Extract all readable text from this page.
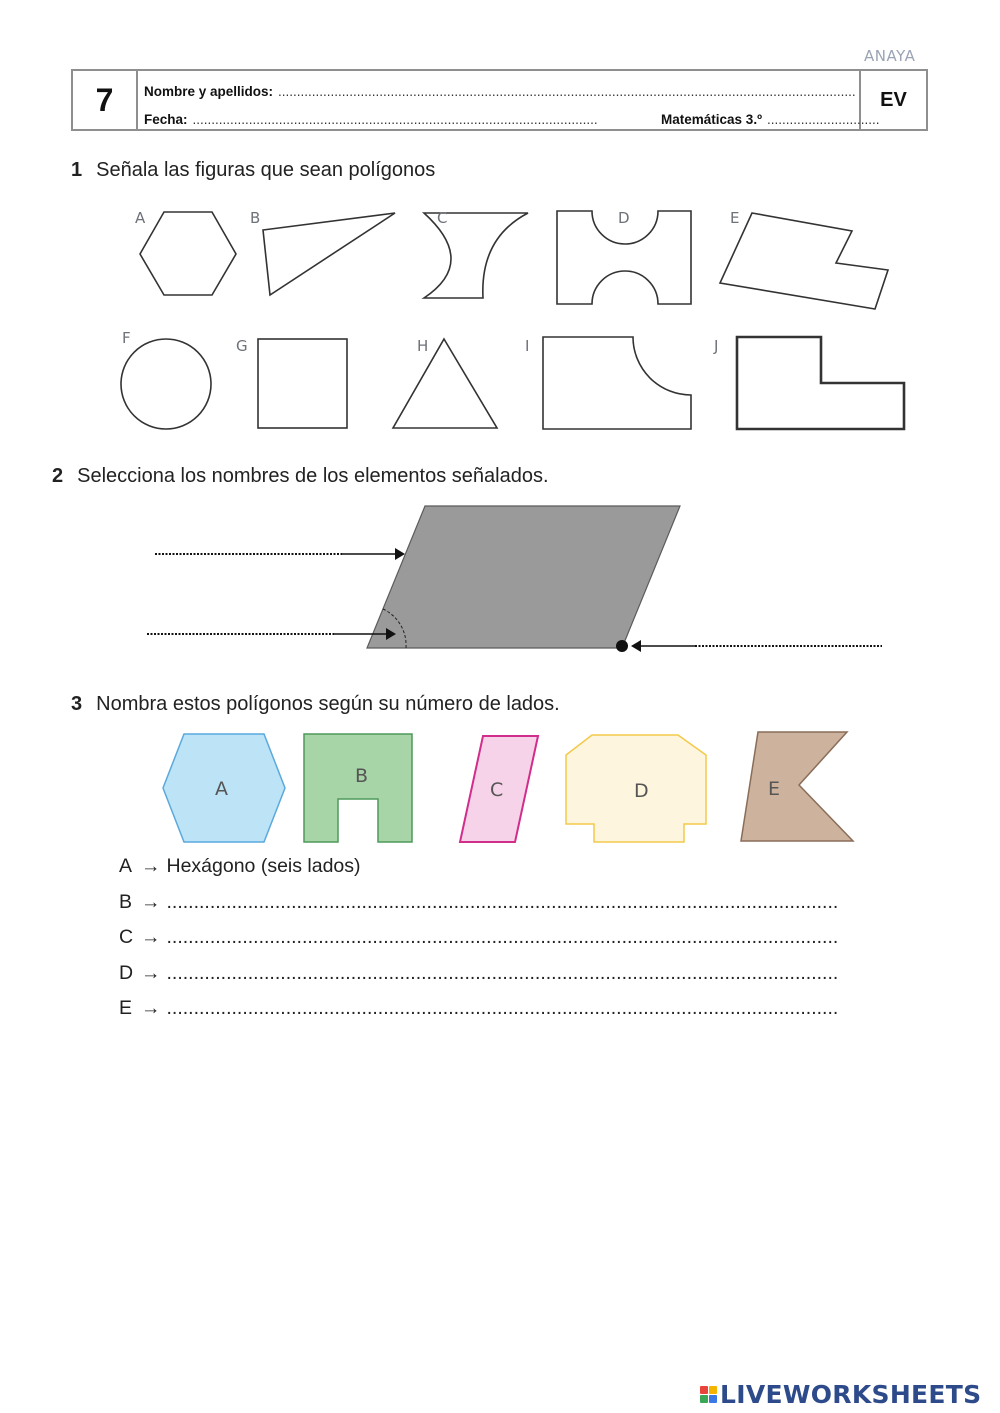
ANAYA
7	Nombre y apellidos: ..........................................................................................................................................................
Fecha: ............................................................................................................	Matemáticas 3.º ..............................
EV
1 Señala las figuras que sean polígonos
A	B	C	D	E
F	G	H	I	J
A
B
C	D	E
2 Selecciona los nombres de los elementos señalados.
3 Nombra estos polígonos según su número de lados.
A → Hexágono (seis lados)
B → ............................................................................................................................
C → ............................................................................................................................
D → ............................................................................................................................
E → ............................................................................................................................
LIVEWORKSHEETS
